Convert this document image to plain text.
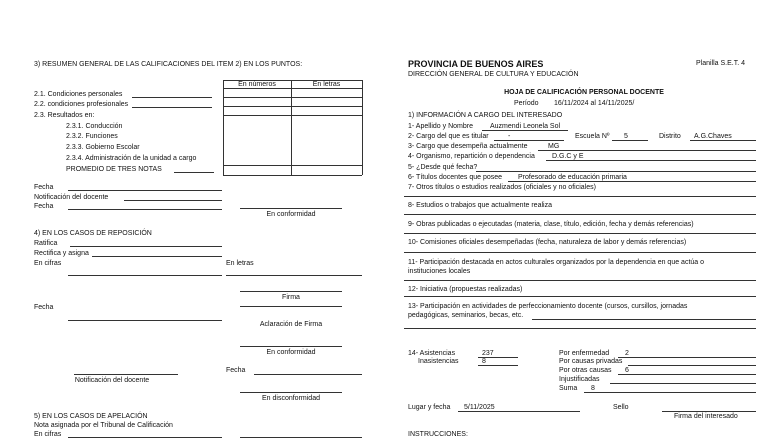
3) RESUMEN GENERAL DE LAS CALIFICACIONES DEL ITEM 2) EN LOS PUNTOS:
En números	En letras
2.1. Condiciones personales
2.2. condiciones profesionales
2.3. Resultados en:
2.3.1. Conducción
2.3.2. Funciones
2.3.3. Gobierno Escolar
2.3.4. Administración de la unidad a cargo
PROMEDIO DE TRES NOTAS
Fecha
Notificación del docente
Fecha
En conformidad
4) EN LOS CASOS DE REPOSICIÓN
Ratifica
Rectifica y asigna
En cifras	En letras
Firma
Fecha
Aclaración de Firma
En conformidad
Notificación del docente
Fecha
En disconformidad
5) EN LOS CASOS DE APELACIÓN
Nota asignada por el Tribunal de Calificación
En cifras
PROVINCIA DE BUENOS AIRES	Planilla S.E.T. 4
DIRECCIÓN GENERAL DE CULTURA Y EDUCACIÓN
HOJA DE CALIFICACIÓN PERSONAL DOCENTE
Período 16/11/2024 al 14/11/2025/
1) INFORMACIÓN A CARGO DEL INTERESADO
1- Apellido y Nombre Auzmendi Leonela Sol
2- Cargo del que es titular	-	Escuela Nº 5	Distrito A.G.Chaves
3- Cargo que desempeña actualmente	MG
4- Organismo, repartición o dependencia D.G.C y E
5- ¿Desde qué fecha?
6- Títulos docentes que posee Profesorado de educación primaria
7- Otros títulos o estudios realizados (oficiales y no oficiales)
8- Estudios o trabajos que actualmente realiza
9- Obras publicadas o ejecutadas (materia, clase, título, edición, fecha y demás referencias)
10- Comisiones oficiales desempeñadas (fecha, naturaleza de labor y demás referencias)
11- Participación destacada en actos culturales organizados por la dependencia en que actúa o
instituciones locales
12- Iniciativa (propuestas realizadas)
13- Participación en actividades de perfeccionamiento docente (cursos, cursillos, jornadas
pedagógicas, seminarios, becas, etc.
14- Asistencias	237
Inasistencias	8
Por enfermedad 2
Por causas privadas
Por otras causas 6
Injustificadas
Suma 8
Lugar y fecha 5/11/2025	Sello
Firma del interesado
INSTRUCCIONES:
